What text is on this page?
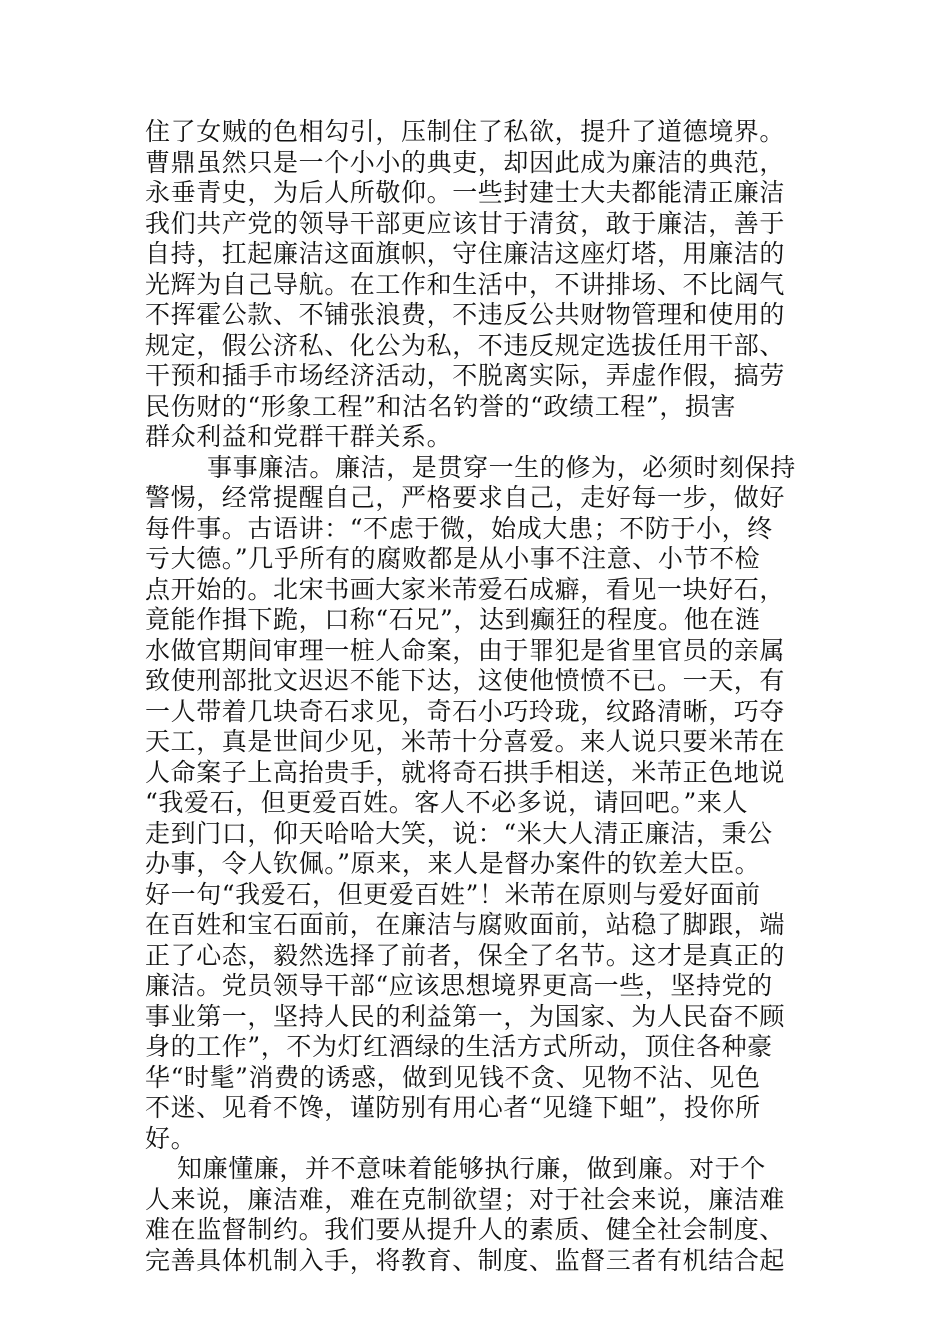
住了女贼的色相勾引，压制住了私欲，提升了道德境界。
曹鼎虽然只是一个小小的典吏，却因此成为廉洁的典范，
永垂青史，为后人所敬仰。一些封建士大夫都能清正廉洁
我们共产党的领导干部更应该甘于清贫，敢于廉洁，善于
自持，扛起廉洁这面旗帜，守住廉洁这座灯塔，用廉洁的
光辉为自己导航。在工作和生活中，不讲排场、不比阔气
不挥霍公款、不铺张浪费，不违反公共财物管理和使用的
规定，假公济私、化公为私，不违反规定选拔任用干部、
干预和插手市场经济活动，不脱离实际，弄虚作假，搞劳
民伤财的“形象工程”和沽名钓誉的“政绩工程”，损害
群众利益和党群干群关系。
事事廉洁。廉洁，是贯穿一生的修为，必须时刻保持
警惕，经常提醒自己，严格要求自己，走好每一步，做好
每件事。古语讲：“不虑于微，始成大患；不防于小，终
亏大德。”几乎所有的腐败都是从小事不注意、小节不检
点开始的。北宋书画大家米芾爱石成癖，看见一块好石，
竟能作揖下跪，口称“石兄”，达到癫狂的程度。他在涟
水做官期间审理一桩人命案，由于罪犯是省里官员的亲属
致使刑部批文迟迟不能下达，这使他愤愤不已。一天，有
一人带着几块奇石求见，奇石小巧玲珑，纹路清晰，巧夺
天工，真是世间少见，米芾十分喜爱。来人说只要米芾在
人命案子上高抬贵手，就将奇石拱手相送，米芾正色地说
“我爱石，但更爱百姓。客人不必多说，请回吧。”来人
走到门口，仰天哈哈大笑，说：“米大人清正廉洁，秉公
办事，令人钦佩。”原来，来人是督办案件的钦差大臣。
好一句“我爱石，但更爱百姓”！米芾在原则与爱好面前
在百姓和宝石面前，在廉洁与腐败面前，站稳了脚跟，端
正了心态，毅然选择了前者，保全了名节。这才是真正的
廉洁。党员领导干部“应该思想境界更高一些，坚持党的
事业第一，坚持人民的利益第一，为国家、为人民奋不顾
身的工作”，不为灯红酒绿的生活方式所动，顶住各种豪
华“时髦”消费的诱惑，做到见钱不贪、见物不沾、见色
不迷、见肴不馋，谨防别有用心者“见缝下蛆”，投你所
好。
知廉懂廉，并不意味着能够执行廉，做到廉。对于个
人来说，廉洁难，难在克制欲望；对于社会来说，廉洁难
难在监督制约。我们要从提升人的素质、健全社会制度、
完善具体机制入手，将教育、制度、监督三者有机结合起
